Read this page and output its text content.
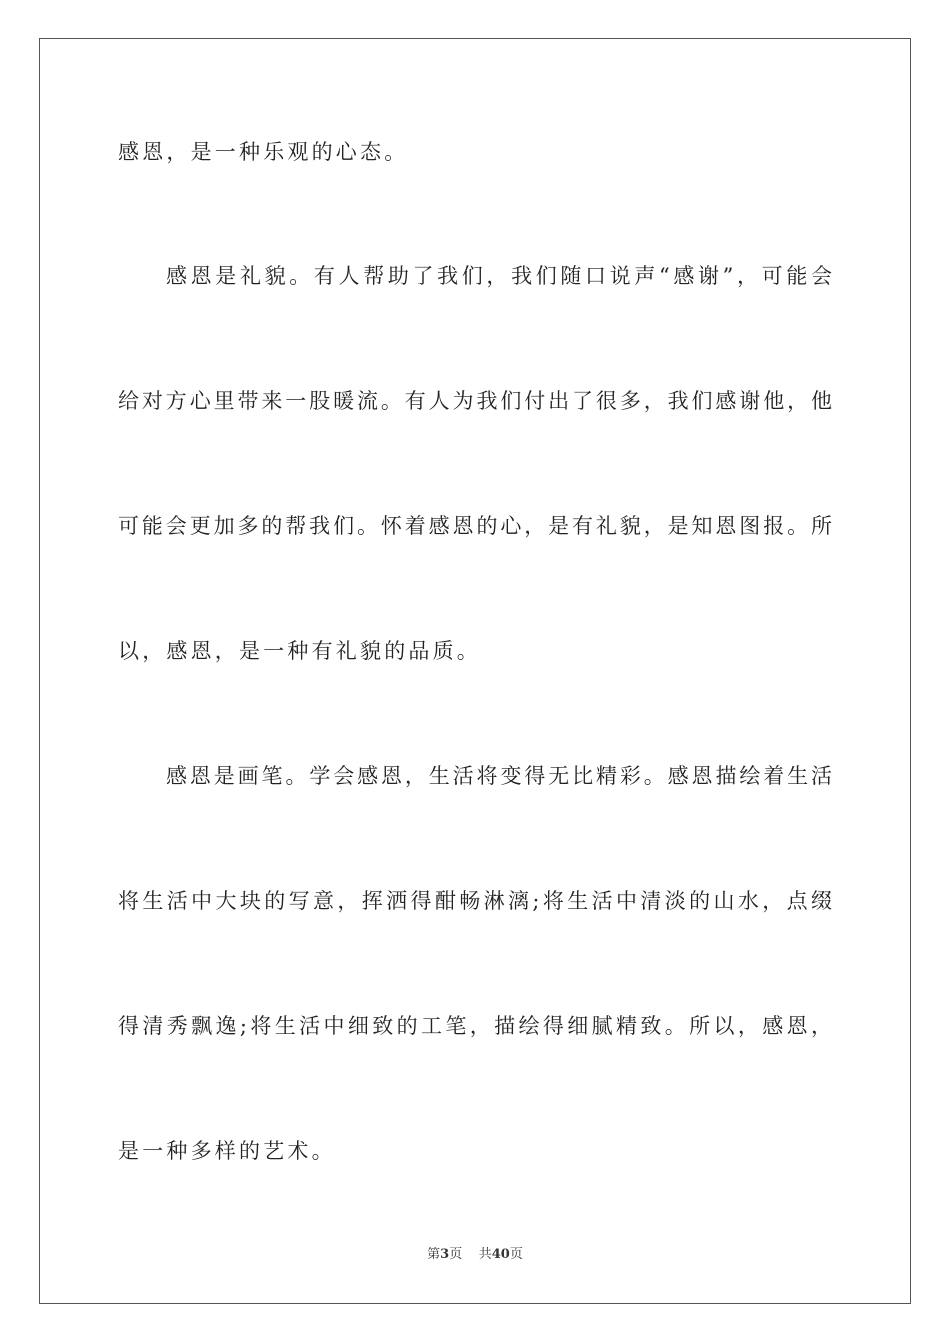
感恩，是一种乐观的心态。
感恩是礼貌。有人帮助了我们，我们随口说声“感谢”，可能会
给对方心里带来一股暖流。有人为我们付出了很多，我们感谢他，他
可能会更加多的帮我们。怀着感恩的心，是有礼貌，是知恩图报。所
以，感恩，是一种有礼貌的品质。
感恩是画笔。学会感恩，生活将变得无比精彩。感恩描绘着生活
将生活中大块的写意，挥洒得酣畅淋漓;将生活中清淡的山水，点缀
得清秀飘逸;将生活中细致的工笔，描绘得细腻精致。所以，感恩，
是一种多样的艺术。
第3页 共40页
